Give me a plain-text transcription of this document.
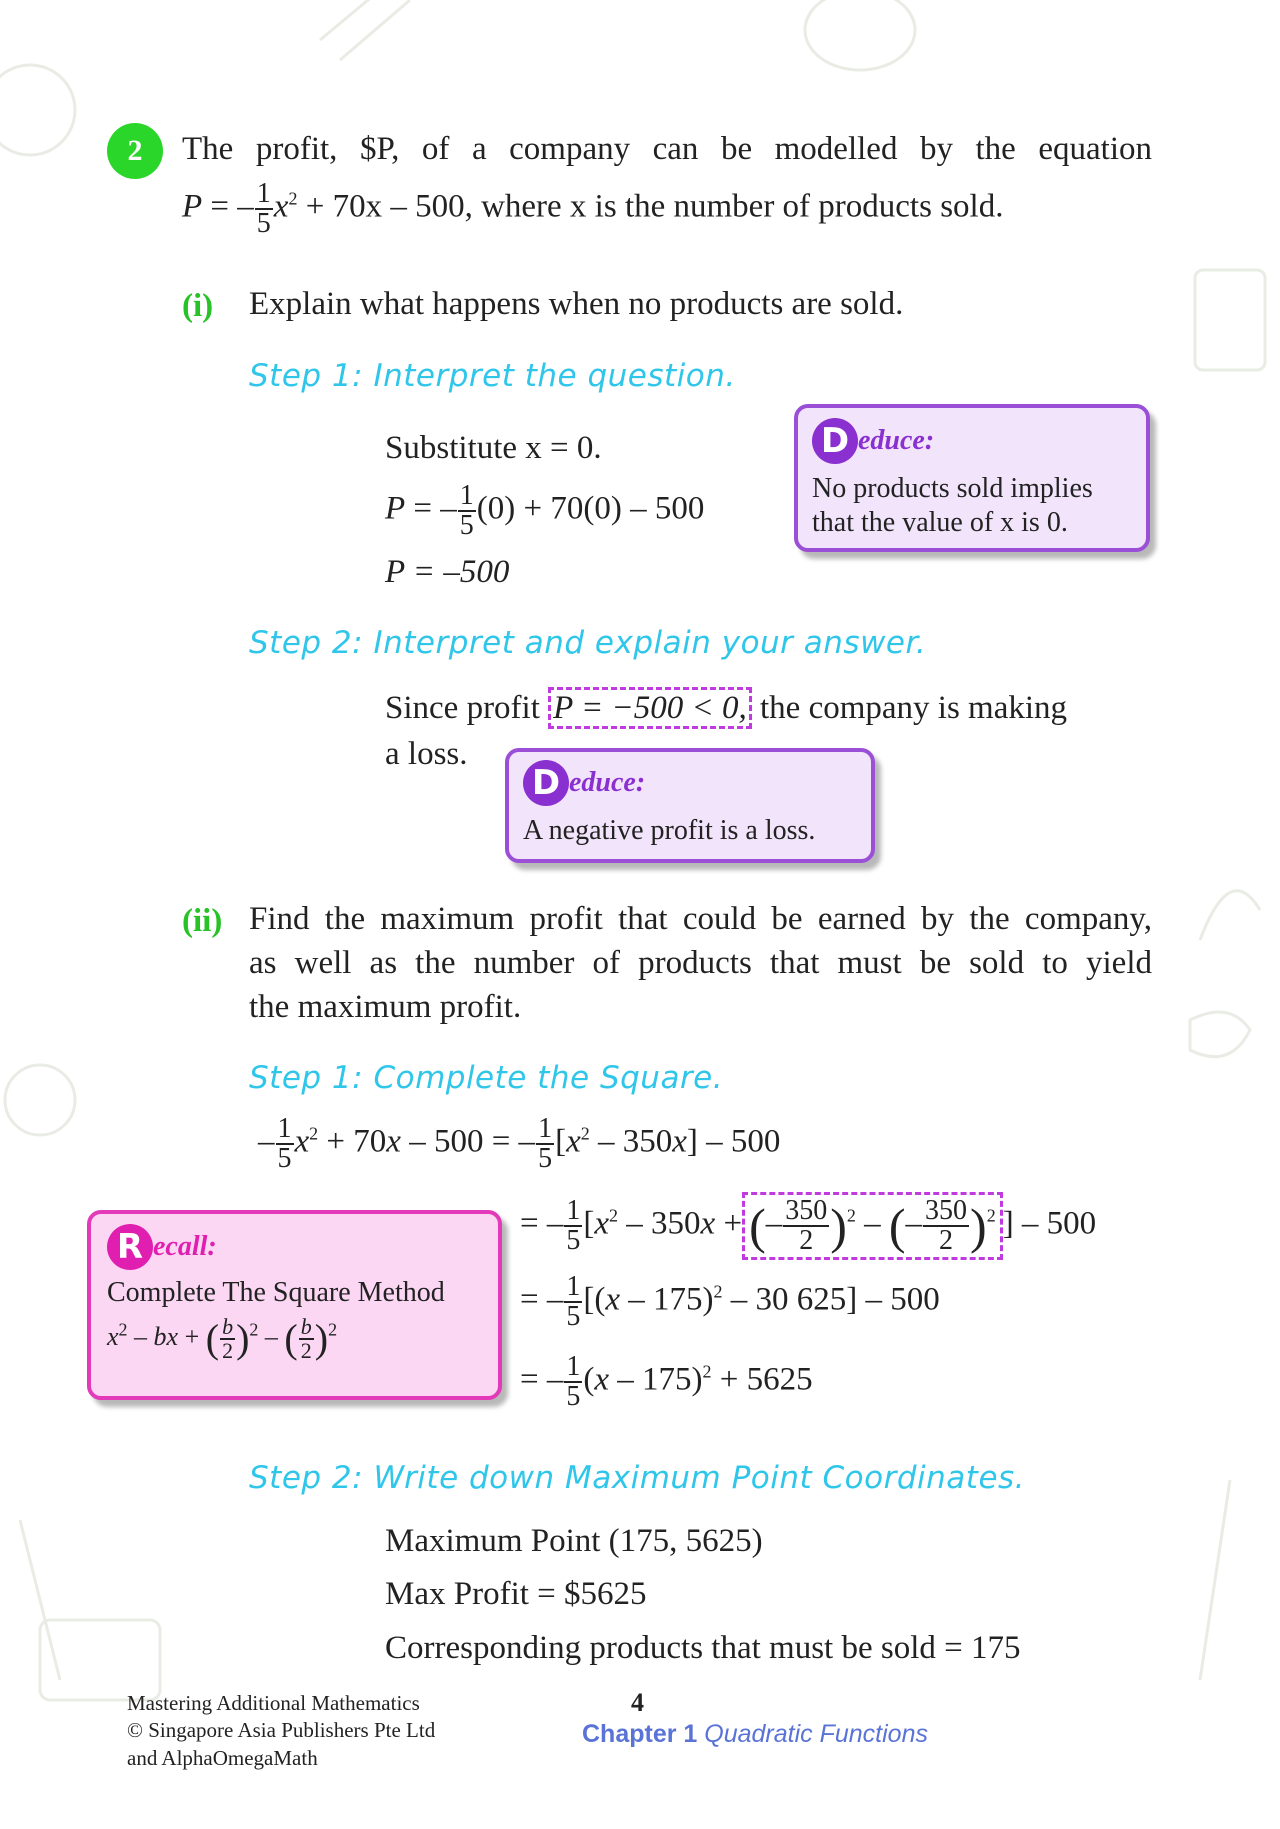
2	The profit, $P, of a company can be modelled by the equation
P = – $\frac{1}{5} x^2 + 70x - 500$, where x is the number of products sold.
(i) Explain what happens when no products are sold.
Step 1: Interpret the question.
Substitute x = 0.
P = – $\frac{1}{5} (0) + 70(0) - 500$
P = –500
D educe:
No products sold implies
that the value of x is 0.
Step 2: Interpret and explain your answer.
Since profit P = −500 < 0, the company is making
a loss.
D educe:
A negative profit is a loss.
(ii) Find the maximum profit that could be earned by the company,
as well as the number of products that must be sold to yield
the maximum profit.
Step 1: Complete the Square.
– $\frac{1}{5} x^2 + 70x - 500$ = – $\frac{1}{5} [x^2 - 350x] - 500$
= – $\frac{1}{5} [x^2 - 350x$ + (– $\frac{350}{2} )^2$ – (– $\frac{350}{2} )^2$ ] – 500
= – $\frac{1}{5} [(x - 175)^2 - 30$ 625] – 500
= – $\frac{1}{5} (x - 175)^2 + 5625$
R ecall:
Complete The Square Method
$x^2$ – bx + ( $\frac{b}{2} )^2$ – ( $\frac{b}{2} )^2$
Step 2: Write down Maximum Point Coordinates.
Maximum Point (175, 5625)
Max Profit = $5625
Corresponding products that must be sold = 175
Mastering Additional Mathematics
© Singapore Asia Publishers Pte Ltd
and AlphaOmegaMath
4
Chapter 1 Quadratic Functions
